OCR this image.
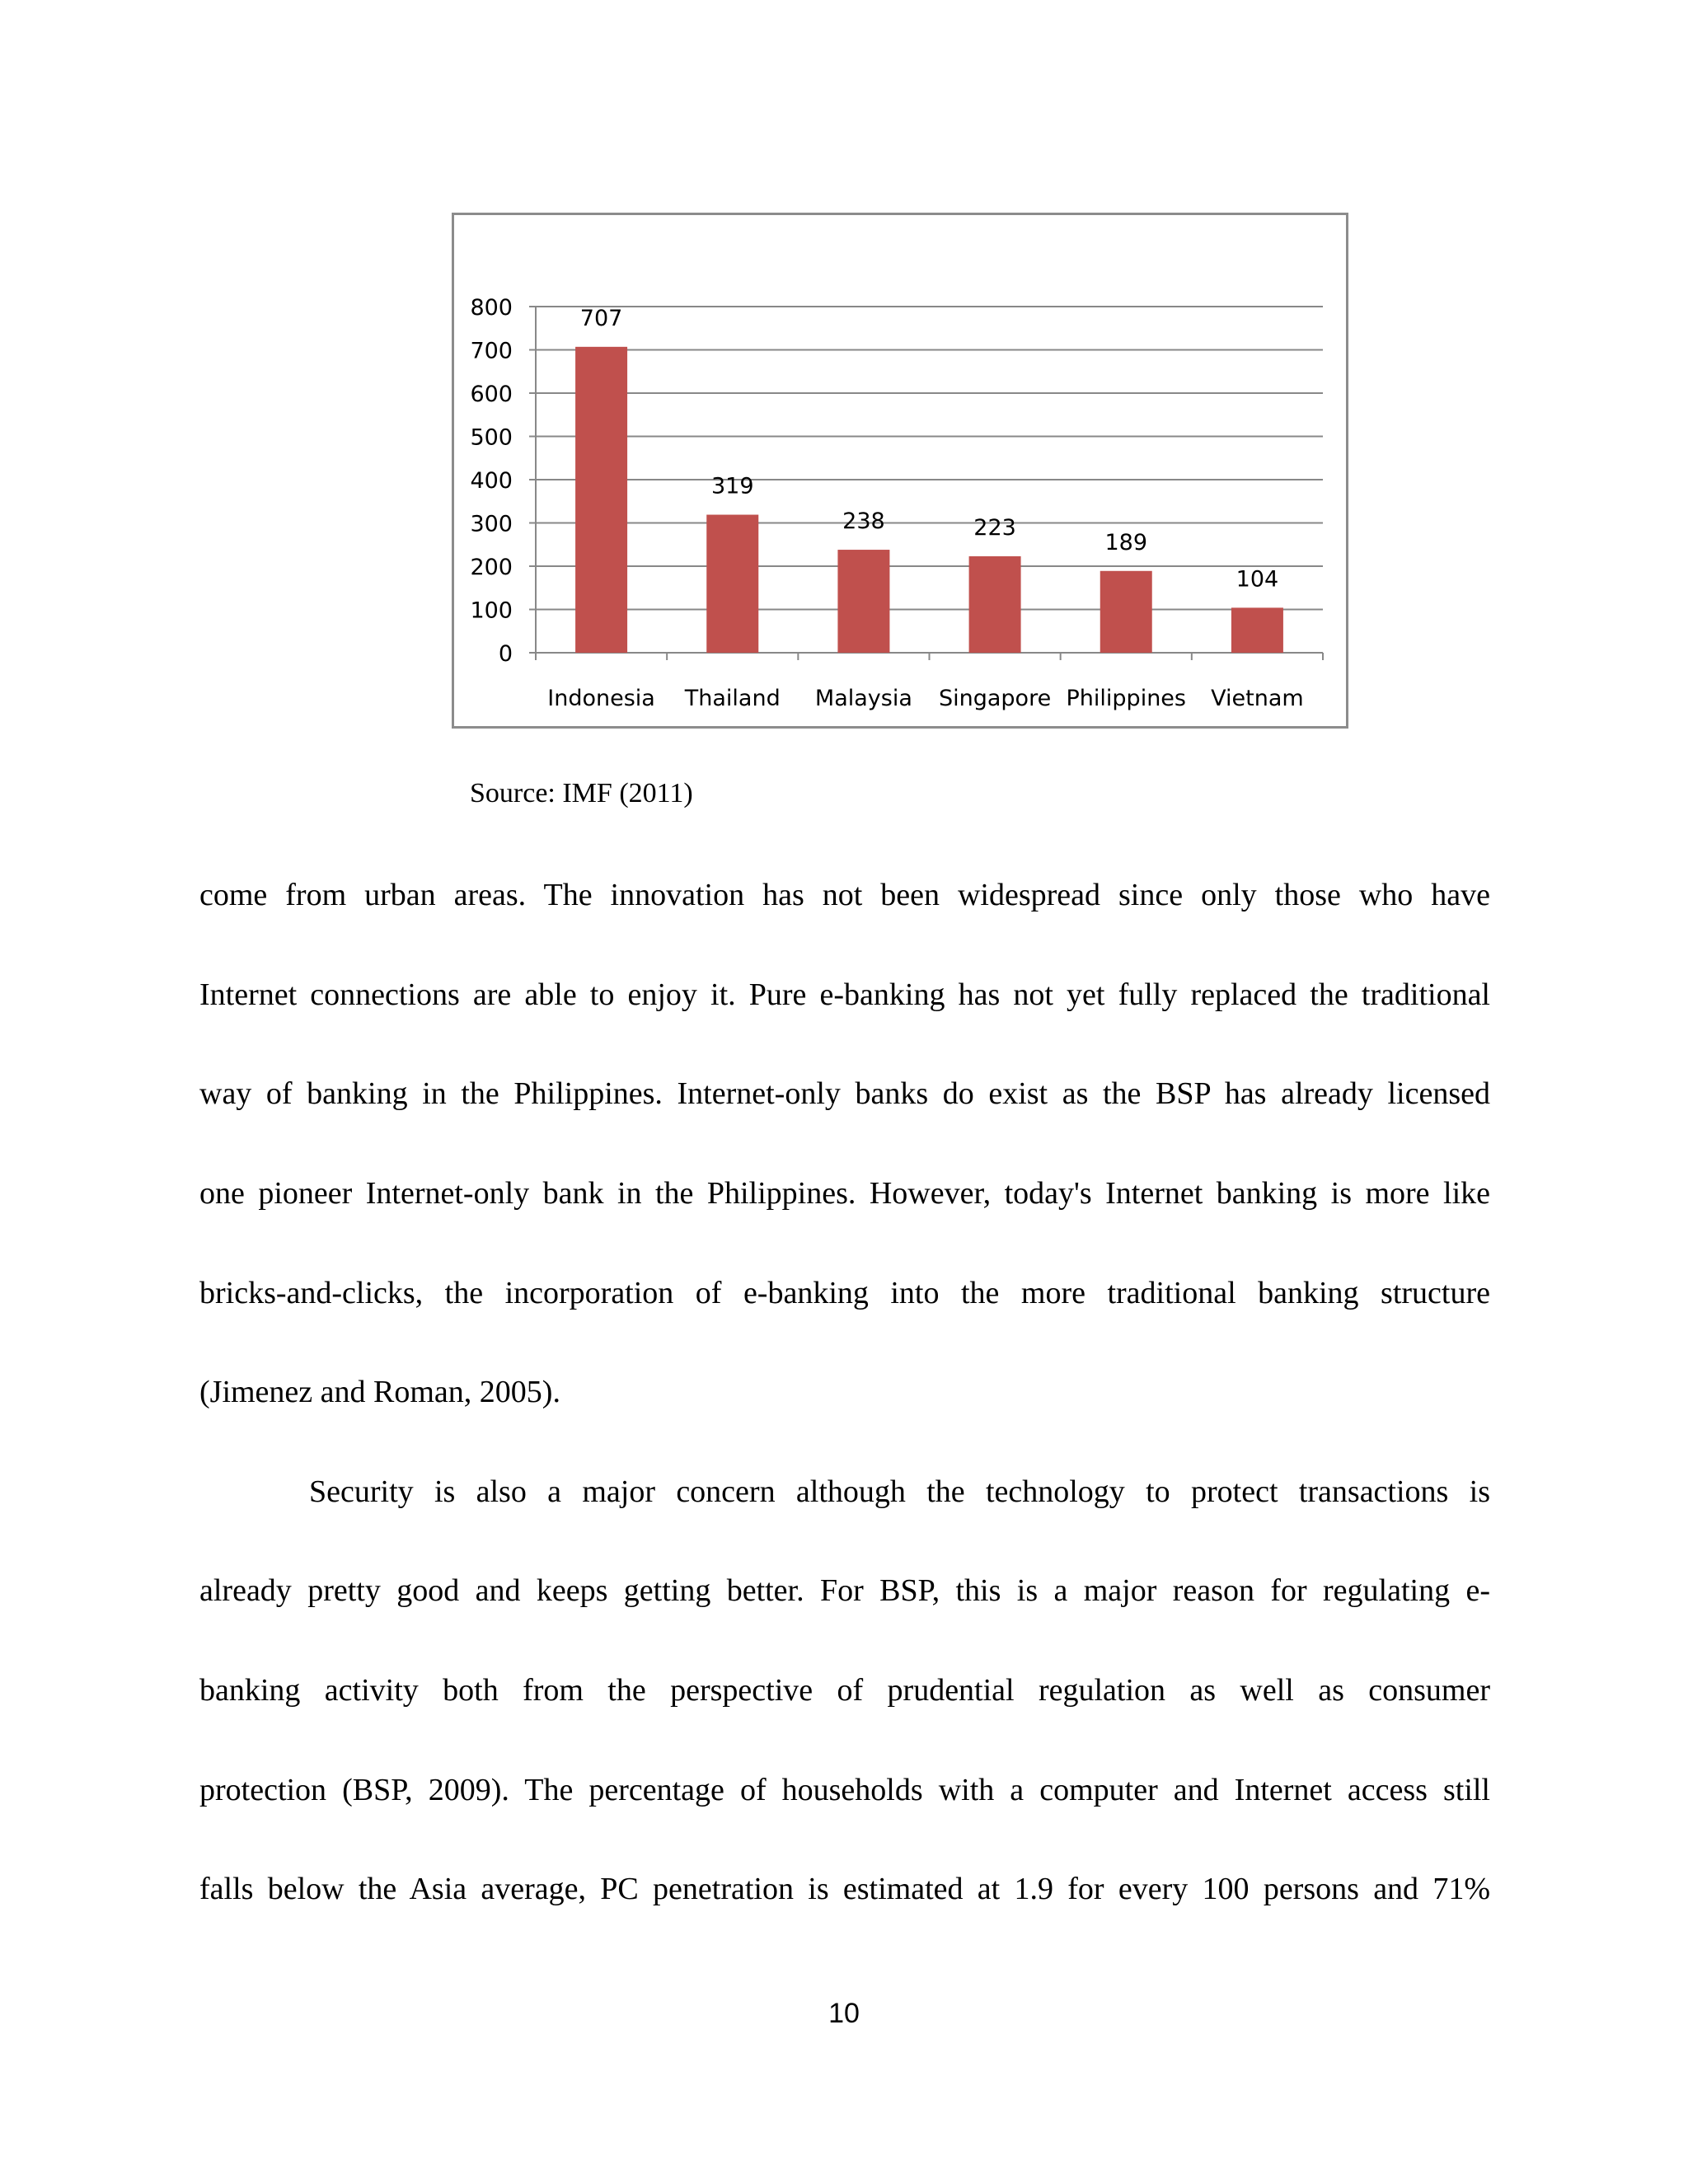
0
100
200
300
400
500
600
700
800	707
Indonesia
319
Thailand
238
Malaysia
223
Singapore
189
Philippines
104
Vietnam
Source: IMF (2011)
come from urban areas. The innovation has not been widespread since only those who have
Internet connections are able to enjoy it. Pure e-banking has not yet fully replaced the traditional
way of banking in the Philippines. Internet-only banks do exist as the BSP has already licensed
one pioneer Internet-only bank in the Philippines. However, today's Internet banking is more like
bricks-and-clicks, the incorporation of e-banking into the more traditional banking structure
(Jimenez and Roman, 2005).
Security is also a major concern although the technology to protect transactions is
already pretty good and keeps getting better. For BSP, this is a major reason for regulating e-
banking activity both from the perspective of prudential regulation as well as consumer
protection (BSP, 2009). The percentage of households with a computer and Internet access still
falls below the Asia average, PC penetration is estimated at 1.9 for every 100 persons and 71%
10
